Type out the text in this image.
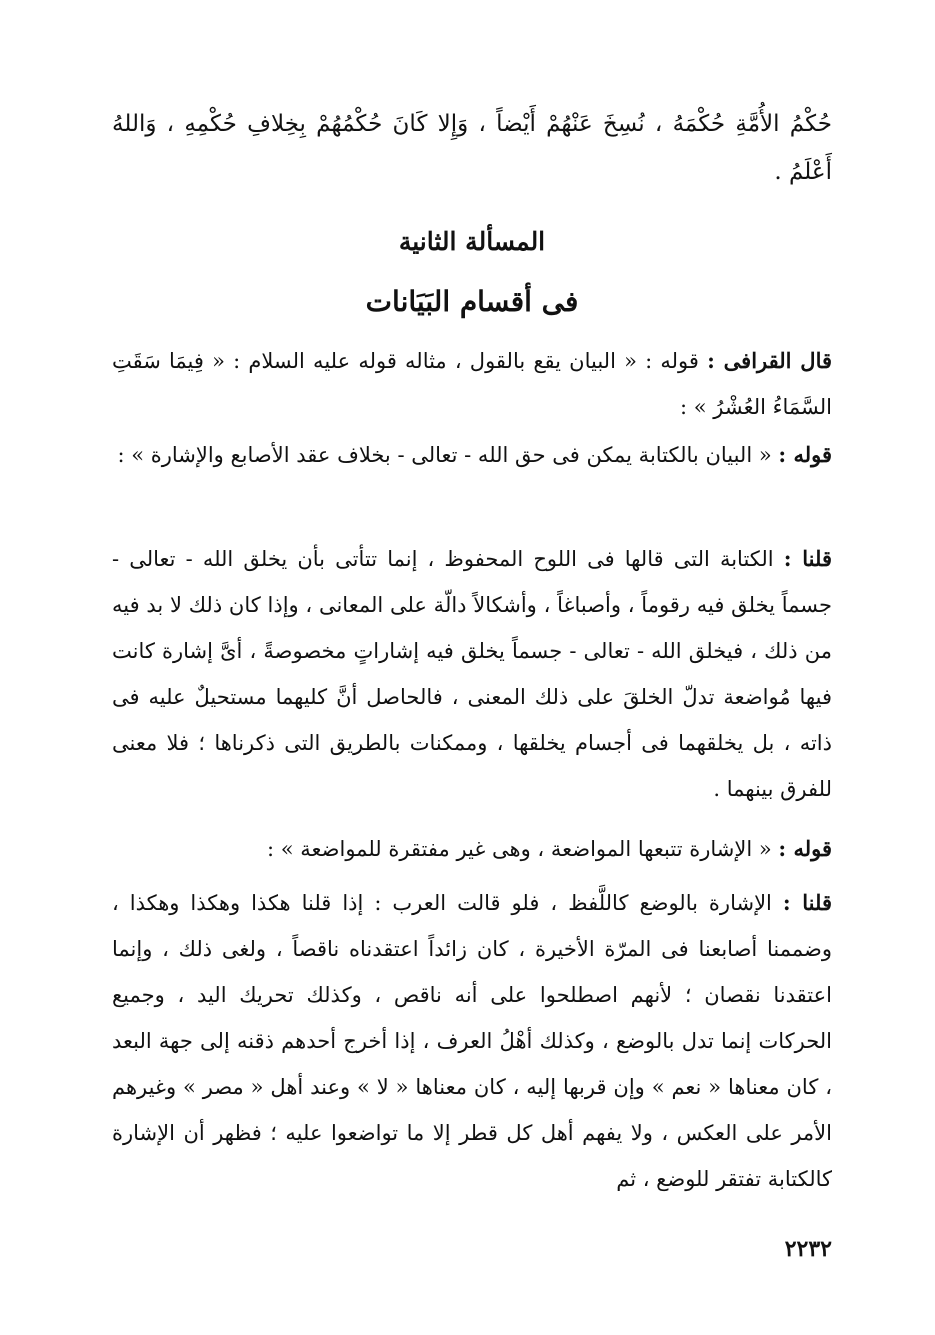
حُكْمُ الأُمَّةِ حُكْمَهُ ، نُسِخَ عَنْهُمْ أَيْضاً ، وَإِلا كَانَ حُكْمُهُمْ بِخِلافِ حُكْمِهِ ، وَاللهُ أَعْلَمُ .
المسألة الثانية
فى أقسام البَيَانات
قال القرافى : قوله : « البيان يقع بالقول ، مثاله قوله عليه السلام : « فِيمَا سَقَتِ السَّمَاءُ العُشْرُ » :
قوله : « البيان بالكتابة يمكن فى حق الله - تعالى - بخلاف عقد الأصابع والإشارة » :
قلنا : الكتابة التى قالها فى اللوح المحفوظ ، إنما تتأتى بأن يخلق الله - تعالى - جسماً يخلق فيه رقوماً ، وأصباغاً ، وأشكالاً دالّة على المعانى ، وإذا كان ذلك لا بد فيه من ذلك ، فيخلق الله - تعالى - جسماً يخلق فيه إشاراتٍ مخصوصةً ، أىَّ إشارة كانت فيها مُواضعة تدلّ الخلقَ على ذلك المعنى ، فالحاصل أنَّ كليهما مستحيلٌ عليه فى ذاته ، بل يخلقهما فى أجسام يخلقها ، وممكنات بالطريق التى ذكرناها ؛ فلا معنى للفرق بينهما .
قوله : « الإشارة تتبعها المواضعة ، وهى غير مفتقرة للمواضعة » :
قلنا : الإشارة بالوضع كاللَّفظ ، فلو قالت العرب : إذا قلنا هكذا وهكذا وهكذا ، وضممنا أصابعنا فى المرّة الأخيرة ، كان زائداً اعتقدناه ناقصاً ، ولغى ذلك ، وإنما اعتقدنا نقصان ؛ لأنهم اصطلحوا على أنه ناقص ، وكذلك تحريك اليد ، وجميع الحركات إنما تدل بالوضع ، وكذلك أهْلُ العرف ، إذا أخرج أحدهم ذقنه إلى جهة البعد ، كان معناها « نعم » وإن قربها إليه ، كان معناها « لا » وعند أهل « مصر » وغيرهم الأمر على العكس ، ولا يفهم أهل كل قطر إلا ما تواضعوا عليه ؛ فظهر أن الإشارة كالكتابة تفتقر للوضع ، ثم
٢٢٣٢
